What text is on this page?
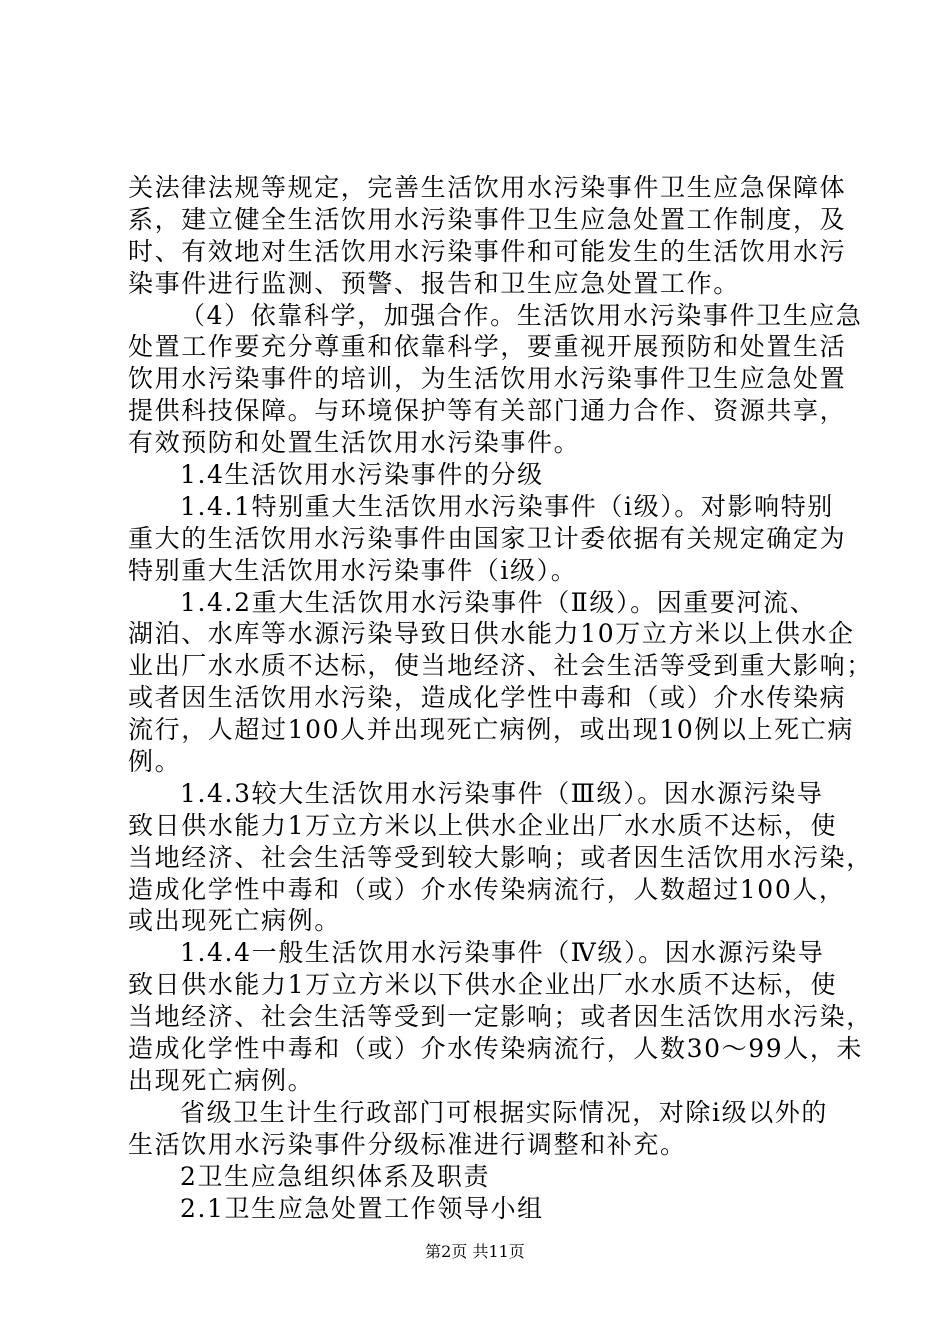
关法律法规等规定，完善生活饮用水污染事件卫生应急保障体
系，建立健全生活饮用水污染事件卫生应急处置工作制度，及
时、有效地对生活饮用水污染事件和可能发生的生活饮用水污
染事件进行监测、预警、报告和卫生应急处置工作。
（4）依靠科学，加强合作。生活饮用水污染事件卫生应急
处置工作要充分尊重和依靠科学，要重视开展预防和处置生活
饮用水污染事件的培训，为生活饮用水污染事件卫生应急处置
提供科技保障。与环境保护等有关部门通力合作、资源共享，
有效预防和处置生活饮用水污染事件。
1.4生活饮用水污染事件的分级
1.4.1特别重大生活饮用水污染事件（ⅰ级）。对影响特别
重大的生活饮用水污染事件由国家卫计委依据有关规定确定为
特别重大生活饮用水污染事件（ⅰ级）。
1.4.2重大生活饮用水污染事件（Ⅱ级）。因重要河流、
湖泊、水库等水源污染导致日供水能力10万立方米以上供水企
业出厂水水质不达标，使当地经济、社会生活等受到重大影响；
或者因生活饮用水污染，造成化学性中毒和（或）介水传染病
流行，人超过100人并出现死亡病例，或出现10例以上死亡病
例。
1.4.3较大生活饮用水污染事件（Ⅲ级）。因水源污染导
致日供水能力1万立方米以上供水企业出厂水水质不达标，使
当地经济、社会生活等受到较大影响；或者因生活饮用水污染，
造成化学性中毒和（或）介水传染病流行，人数超过100人，
或出现死亡病例。
1.4.4一般生活饮用水污染事件（Ⅳ级）。因水源污染导
致日供水能力1万立方米以下供水企业出厂水水质不达标，使
当地经济、社会生活等受到一定影响；或者因生活饮用水污染，
造成化学性中毒和（或）介水传染病流行，人数30～99人，未
出现死亡病例。
省级卫生计生行政部门可根据实际情况，对除ⅰ级以外的
生活饮用水污染事件分级标准进行调整和补充。
2卫生应急组织体系及职责
2.1卫生应急处置工作领导小组
第2页 共11页
